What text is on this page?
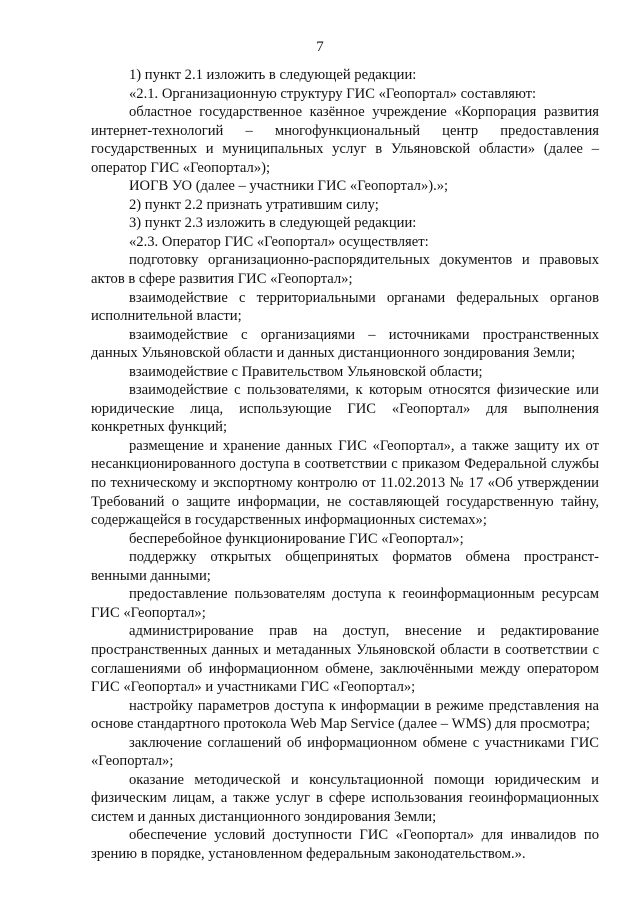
7

1) пункт 2.1 изложить в следующей редакции:

«2.1. Организационную структуру ГИС «Геопортал» составляют:

областное государственное казённое учреждение «Корпорация развития интернет-технологий – многофункциональный центр предоставления государственных и муниципальных услуг в Ульяновской области» (далее – оператор ГИС «Геопортал»);

ИОГВ УО (далее – участники ГИС «Геопортал»).»;

2) пункт 2.2 признать утратившим силу;

3) пункт 2.3 изложить в следующей редакции:

«2.3. Оператор ГИС «Геопортал» осуществляет:

подготовку организационно-распорядительных документов и правовых актов в сфере развития ГИС «Геопортал»;

взаимодействие с территориальными органами федеральных органов исполнительной власти;

взаимодействие с организациями – источниками пространственных данных Ульяновской области и данных дистанционного зондирования Земли;

взаимодействие с Правительством Ульяновской области;

взаимодействие с пользователями, к которым относятся физические или юридические лица, использующие ГИС «Геопортал» для выполнения конкретных функций;

размещение и хранение данных ГИС «Геопортал», а также защиту их от несанкционированного доступа в соответствии с приказом Федеральной службы по техническому и экспортному контролю от 11.02.2013 № 17 «Об утверждении Требований о защите информации, не составляющей государственную тайну, содержащейся в государственных информационных системах»;

бесперебойное функционирование ГИС «Геопортал»;

поддержку открытых общепринятых форматов обмена пространственными данными;

предоставление пользователям доступа к геоинформационным ресурсам ГИС «Геопортал»;

администрирование прав на доступ, внесение и редактирование пространственных данных и метаданных Ульяновской области в соответствии с соглашениями об информационном обмене, заключёнными между оператором ГИС «Геопортал» и участниками ГИС «Геопортал»;

настройку параметров доступа к информации в режиме представления на основе стандартного протокола Web Map Service (далее – WMS) для просмотра;

заключение соглашений об информационном обмене с участниками ГИС «Геопортал»;

оказание методической и консультационной помощи юридическим и физическим лицам, а также услуг в сфере использования геоинформационных систем и данных дистанционного зондирования Земли;

обеспечение условий доступности ГИС «Геопортал» для инвалидов по зрению в порядке, установленном федеральным законодательством.».
